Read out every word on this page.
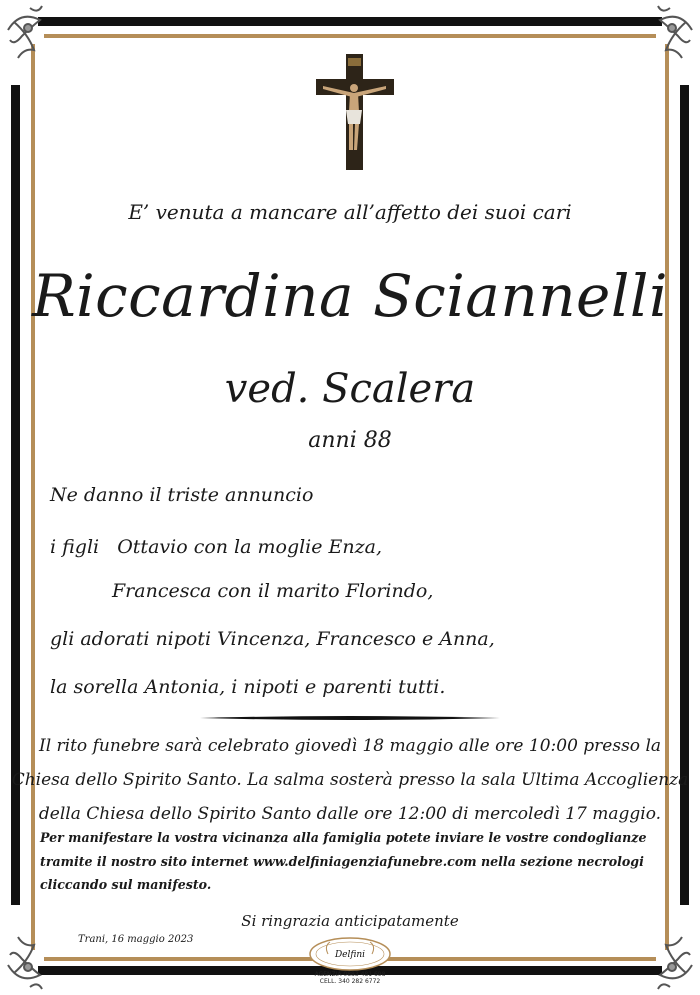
E’ venuta a mancare all’affetto dei suoi cari
Riccardina Sciannelli
ved. Scalera
anni 88
Ne danno il triste annuncio
i figli   Ottavio con la moglie Enza,
Francesca con il marito Florindo,
gli adorati nipoti Vincenza, Francesco e Anna,
la sorella Antonia, i nipoti e parenti tutti.
Il rito funebre sarà celebrato giovedì 18 maggio alle ore 10:00 presso la
Chiesa dello Spirito Santo. La salma sosterà presso la sala Ultima Accoglienza
della Chiesa dello Spirito Santo dalle ore 12:00 di mercoledì 17 maggio.
Per manifestare la vostra vicinanza alla famiglia potete inviare le vostre condoglianze
tramite il nostro sito internet www.delfiniagenziafunebre.com nella sezione necrologi
cliccando sul manifesto.
Si ringrazia anticipatamente
Trani, 16 maggio 2023
Delfini
AGENZIA 0883 481 698
CELL. 340 282 6772
